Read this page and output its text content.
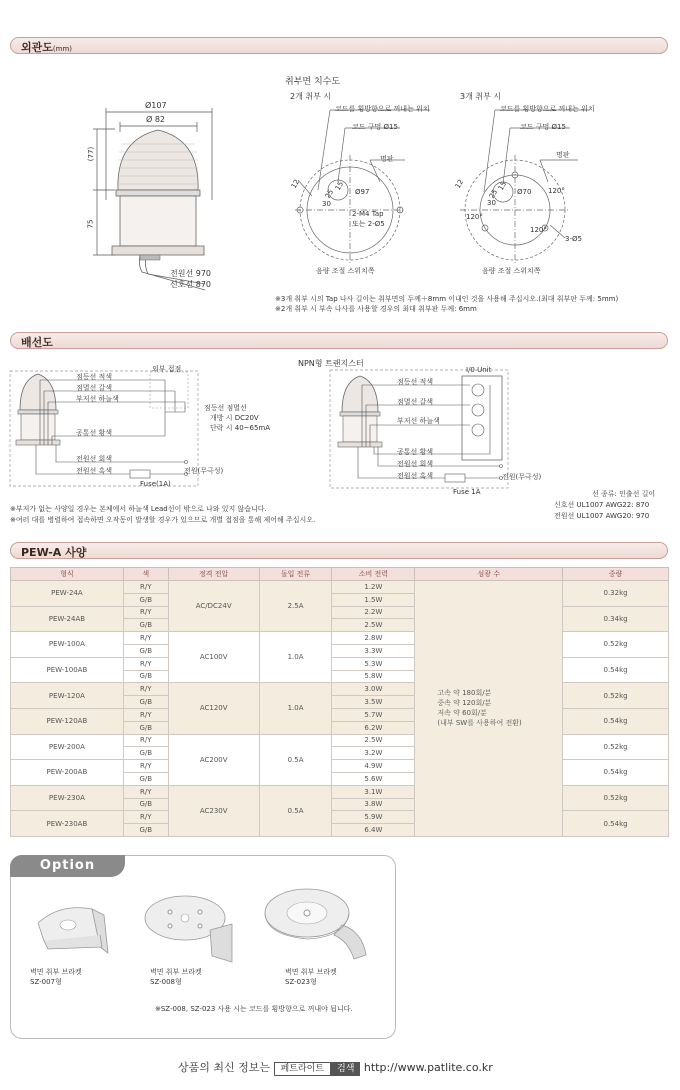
외관도(mm)
Ø107
Ø 82
(77)
75
전원선 970
신호선 870
취부면 치수도
2개 취부 시	3개 취부 시
코드를 횡방향으로 꺼내는 위치
코드 구멍 Ø15
명판
Ø97
30
12	15
25
2-M4 Tap
또는 2-Ø5
음량 조절 스위치쪽
코드를 횡방향으로 꺼내는 위치
코드 구멍 Ø15
명판
Ø70
30
12	15
25	120°
120°
120°
3-Ø5
음량 조절 스위치쪽
※3개 취부 시의 Tap 나사 길이는 취부면의 두께＋8mm 이내인 것을 사용해 주십시오.(최대 취부판 두께: 5mm)
※2개 취부 시 부속 나사를 사용할 경우의 최대 취부판 두께: 6mm
배선도
외부 접점
점등선 적색
점멸선 갈색
부저선 하늘색
공통선 황색
전원선 회색
전원선 흑색
Fuse(1A)
전원(무극성)
점등선 점멸선
개방 시 DC20V
단락 시 40~65mA
NPN형 트랜지스터
I/0 Unit
점등선 적색
점멸선 갈색
부저선 하늘색
공통선 황색
전원선 회색
전원선 흑색
Fuse 1A
전원(무극성)
※부저가 없는 사양일 경우는 본체에서 하늘색 Lead선이 밖으로 나와 있지 않습니다.
※여러 대를 병렬하여 접속하면 오작동이 발생할 경우가 있으므로 개별 접점을 통해 제어해 주십시오.
선 종류: 인출선 길이
신호선 UL1007 AWG22: 870
전원선 UL1007 AWG20: 970
PEW-A 사양
형식	색	정격 전압	돌입 전류	소비 전력	섬광 수	중량
PEW-24A	R/Y	AC/DC24V	2.5A	1.2W	고속 약 180회/분
중속 약 120회/분
저속 약 60회/분
(내부 SW를 사용하여 전환)	0.32kg
	G/B			1.5W		
PEW-24AB	R/Y			2.2W		0.34kg
	G/B			2.5W		
PEW-100A	R/Y	AC100V	1.0A	2.8W		0.52kg
	G/B			3.3W		
PEW-100AB	R/Y			5.3W		0.54kg
	G/B			5.8W		
PEW-120A	R/Y	AC120V	1.0A	3.0W		0.52kg
	G/B			3.5W		
PEW-120AB	R/Y			5.7W		0.54kg
	G/B			6.2W		
PEW-200A	R/Y	AC200V	0.5A	2.5W		0.52kg
	G/B			3.2W		
PEW-200AB	R/Y			4.9W		0.54kg
	G/B			5.6W		
PEW-230A	R/Y	AC230V	0.5A	3.1W		0.52kg
	G/B			3.8W		
PEW-230AB	R/Y			5.9W		0.54kg
	G/B			6.4W		
Option
벽면 취부 브라켓
SZ-007형
벽면 취부 브라켓
SZ-008형
벽면 취부 브라켓
SZ-023형
※SZ-008, SZ-023 사용 시는 코드를 횡방향으로 꺼내야 됩니다.
상품의 최신 정보는 페트라이트 검색 http://www.patlite.co.kr
